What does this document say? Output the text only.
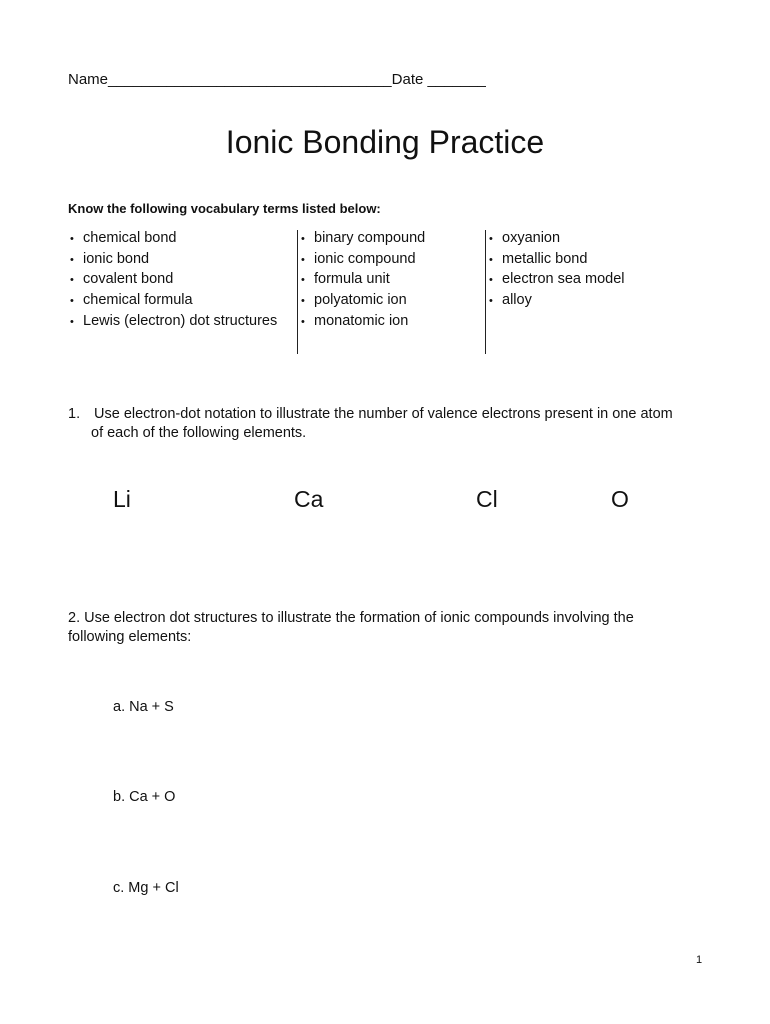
Name__________________________________Date _______
Ionic Bonding Practice
Know the following vocabulary terms listed below:
• chemical bond
• ionic bond
• covalent bond
• chemical formula
• Lewis (electron) dot structures
• binary compound
• ionic compound
• formula unit
• polyatomic ion
• monatomic ion
• oxyanion
• metallic bond
• electron sea model
• alloy
1. Use electron-dot notation to illustrate the number of valence electrons present in one atom
of each of the following elements.
Li	Ca	Cl	O
2. Use electron dot structures to illustrate the formation of ionic compounds involving the
following elements:
a. Na + S
b. Ca + O
c. Mg + Cl
1
